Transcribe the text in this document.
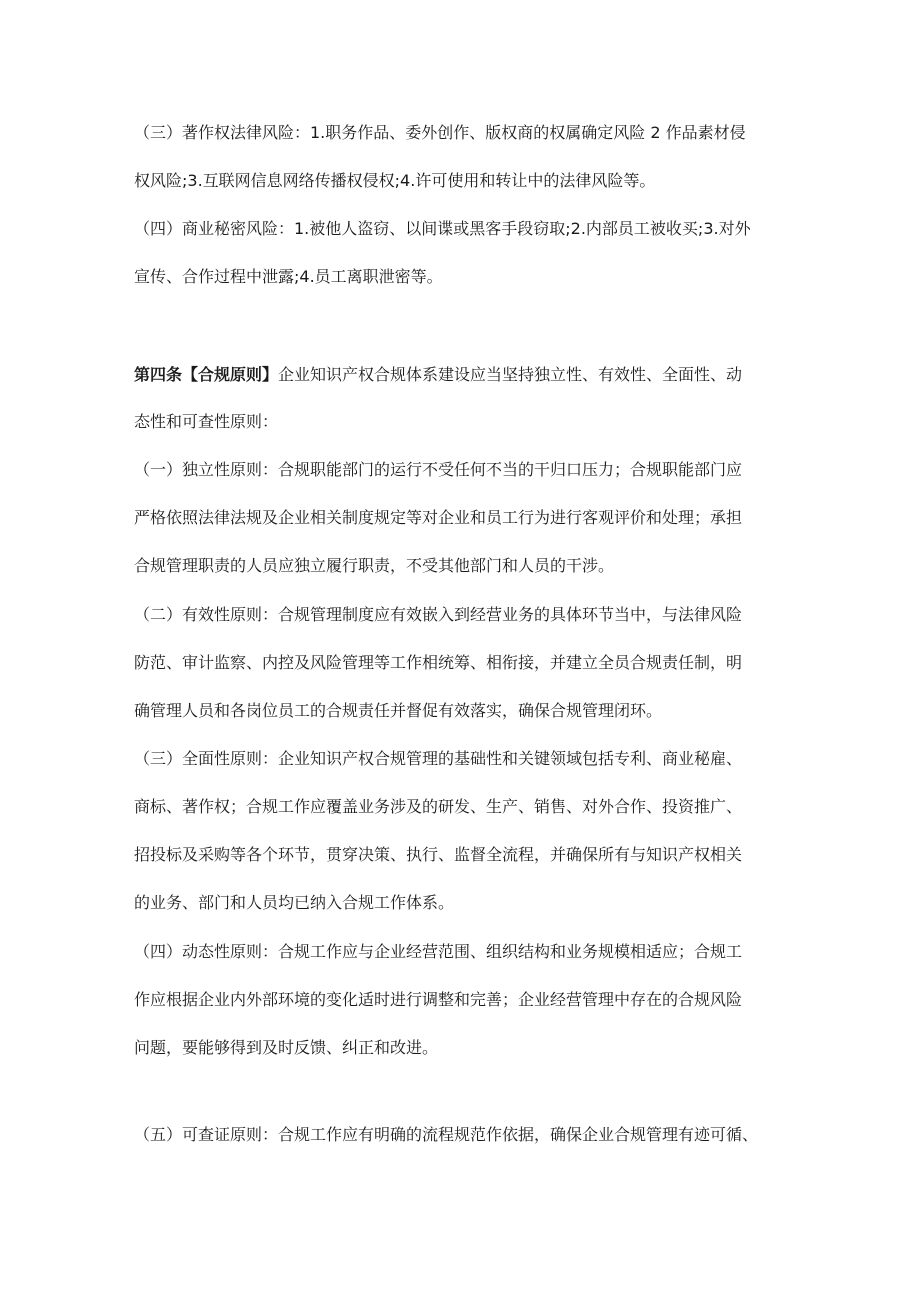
（三）著作权法律风险：1.职务作品、委外创作、版权商的权属确定风险 2 作品素材侵
权风险;3.互联网信息网络传播权侵权;4.许可使用和转让中的法律风险等。
（四）商业秘密风险：1.被他人盗窃、以间谍或黑客手段窃取;2.内部员工被收买;3.对外
宣传、合作过程中泄露;4.员工离职泄密等。
第四条【合规原则】企业知识产权合规体系建设应当坚持独立性、有效性、全面性、动
态性和可查性原则：
（一）独立性原则：合规职能部门的运行不受任何不当的干归口压力；合规职能部门应
严格依照法律法规及企业相关制度规定等对企业和员工行为进行客观评价和处理；承担
合规管理职责的人员应独立履行职责，不受其他部门和人员的干涉。
（二）有效性原则：合规管理制度应有效嵌入到经营业务的具体环节当中，与法律风险
防范、审计监察、内控及风险管理等工作相统筹、相衔接，并建立全员合规责任制，明
确管理人员和各岗位员工的合规责任并督促有效落实，确保合规管理闭环。
（三）全面性原则：企业知识产权合规管理的基础性和关键领域包括专利、商业秘雇、
商标、著作权；合规工作应覆盖业务涉及的研发、生产、销售、对外合作、投资推广、
招投标及采购等各个环节，贯穿决策、执行、监督全流程，并确保所有与知识产权相关
的业务、部门和人员均已纳入合规工作体系。
（四）动态性原则：合规工作应与企业经营范围、组织结构和业务规模相适应；合规工
作应根据企业内外部环境的变化适时进行调整和完善；企业经营管理中存在的合规风险
问题，要能够得到及时反馈、纠正和改进。
（五）可查证原则：合规工作应有明确的流程规范作依据，确保企业合规管理有迹可循、
